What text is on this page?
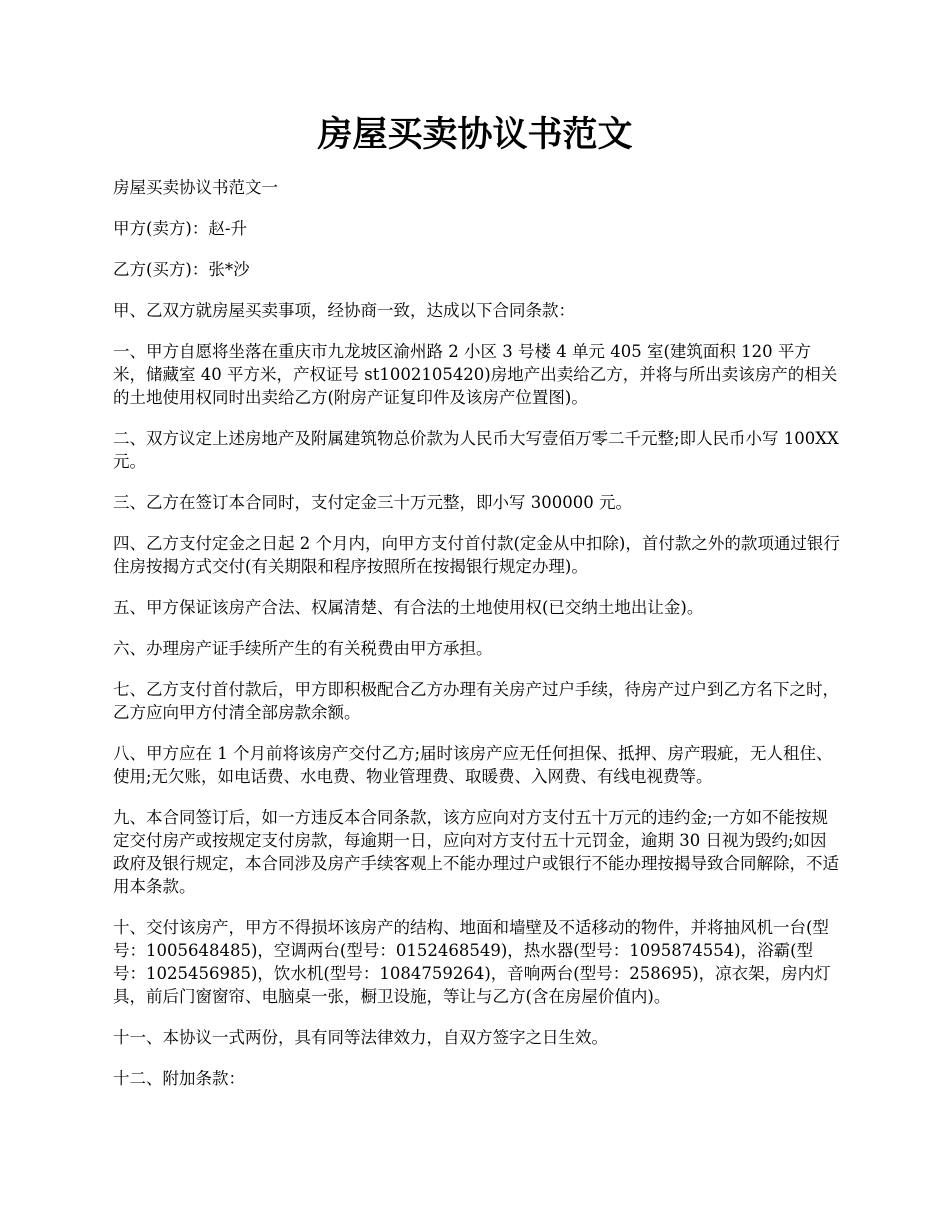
房屋买卖协议书范文

房屋买卖协议书范文一

甲方(卖方)：赵-升

乙方(买方)：张*沙

甲、乙双方就房屋买卖事项，经协商一致，达成以下合同条款：

一、甲方自愿将坐落在重庆市九龙坡区渝州路 2 小区 3 号楼 4 单元 405 室(建筑面积 120 平方米，储藏室 40 平方米，产权证号 st1002105420)房地产出卖给乙方，并将与所出卖该房产的相关的土地使用权同时出卖给乙方(附房产证复印件及该房产位置图)。

二、双方议定上述房地产及附属建筑物总价款为人民币大写壹佰万零二千元整;即人民币小写 100XX 元。

三、乙方在签订本合同时，支付定金三十万元整，即小写 300000 元。

四、乙方支付定金之日起 2 个月内，向甲方支付首付款(定金从中扣除)，首付款之外的款项通过银行住房按揭方式交付(有关期限和程序按照所在按揭银行规定办理)。

五、甲方保证该房产合法、权属清楚、有合法的土地使用权(已交纳土地出让金)。

六、办理房产证手续所产生的有关税费由甲方承担。

七、乙方支付首付款后，甲方即积极配合乙方办理有关房产过户手续，待房产过户到乙方名下之时，乙方应向甲方付清全部房款余额。

八、甲方应在 1 个月前将该房产交付乙方;届时该房产应无任何担保、抵押、房产瑕疵，无人租住、使用;无欠账，如电话费、水电费、物业管理费、取暖费、入网费、有线电视费等。

九、本合同签订后，如一方违反本合同条款，该方应向对方支付五十万元的违约金;一方如不能按规定交付房产或按规定支付房款，每逾期一日，应向对方支付五十元罚金，逾期 30 日视为毁约;如因政府及银行规定，本合同涉及房产手续客观上不能办理过户或银行不能办理按揭导致合同解除，不适用本条款。

十、交付该房产，甲方不得损坏该房产的结构、地面和墙壁及不适移动的物件，并将抽风机一台(型号：1005648485)，空调两台(型号：0152468549)，热水器(型号：1095874554)，浴霸(型号：1025456985)，饮水机(型号：1084759264)，音响两台(型号：258695)，凉衣架，房内灯具，前后门窗窗帘、电脑桌一张，橱卫设施，等让与乙方(含在房屋价值内)。

十一、本协议一式两份，具有同等法律效力，自双方签字之日生效。

十二、附加条款：
